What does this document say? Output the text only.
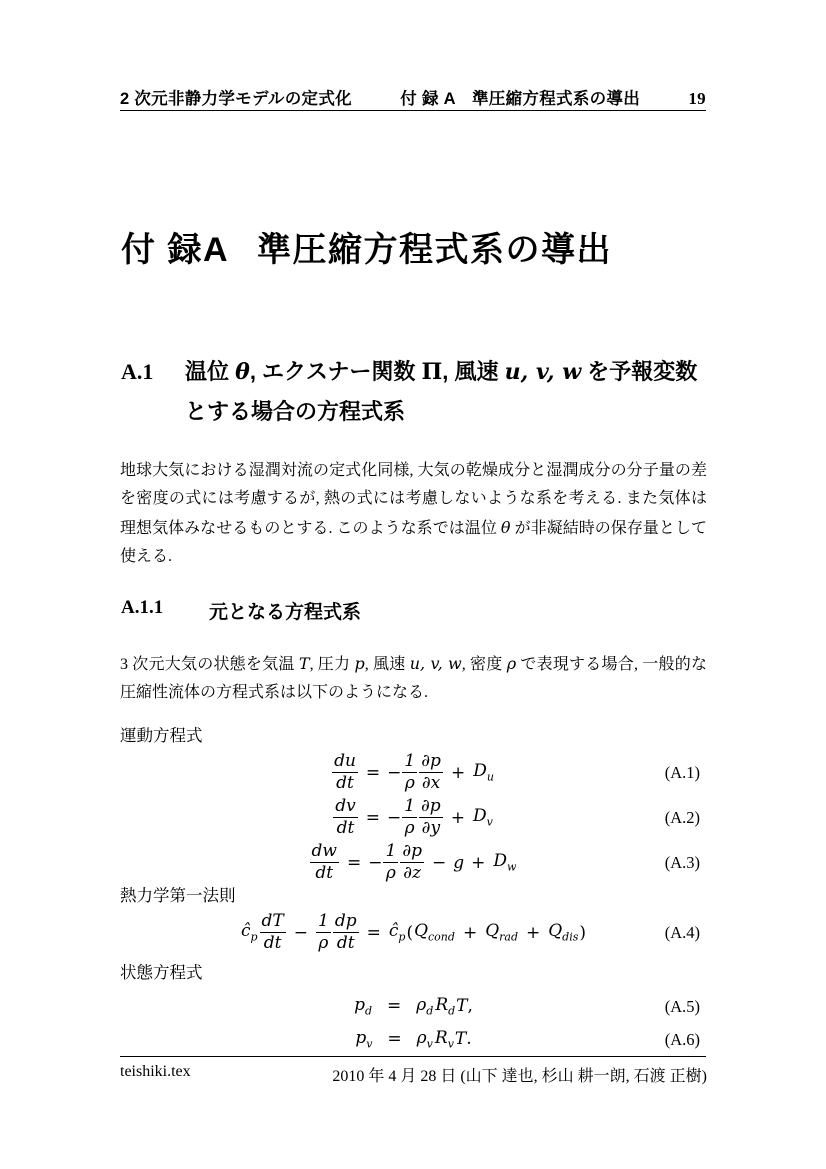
2 次元非静力学モデルの定式化	付 録 A　準圧縮方程式系の導出	19
付 録A 準圧縮方程式系の導出
A.1	温位 θ, エクスナー関数 Π, 風速 u, v, w を予報変数とする場合の方程式系

地球大気における湿潤対流の定式化同様, 大気の乾燥成分と湿潤成分の分子量の差を密度の式には考慮するが, 熱の式には考慮しないような系を考える. また気体は理想気体みなせるものとする. このような系では温位 θ が非凝結時の保存量として使える.

A.1.1	元となる方程式系

3 次元大気の状態を気温 T, 圧力 p, 風速 u, v, w, 密度 ρ で表現する場合, 一般的な圧縮性流体の方程式系は以下のようになる.

運動方程式
$\frac{du}{dt}$ = − $\frac{1}{\rho} \frac{\partial p}{\partial x} + D_u$	(A.1)
$\frac{dv}{dt}$ = − $\frac{1}{\rho} \frac{\partial p}{\partial y} + D_v$	(A.2)
$\frac{dw}{dt}$ = − $\frac{1}{\rho} \frac{\partial p}{\partial z} - g + D_w$	(A.3)
熱力学第一法則
$ĉ_p \frac{dT}{dt} - \frac{1}{\rho} \frac{dp}{dt}$ = $ĉ_p$ ( $Q_{cond} + Q_{rad} + Q_{dis}$ )	(A.4)
状態方程式
$p_d = \rho_d$ $R_d$ T ,	(A.5)
$p_v = \rho_v$ $R_v$ T .	(A.6)
teishiki.tex	2010 年 4 月 28 日 (山下 達也, 杉山 耕一朗, 石渡 正樹)
